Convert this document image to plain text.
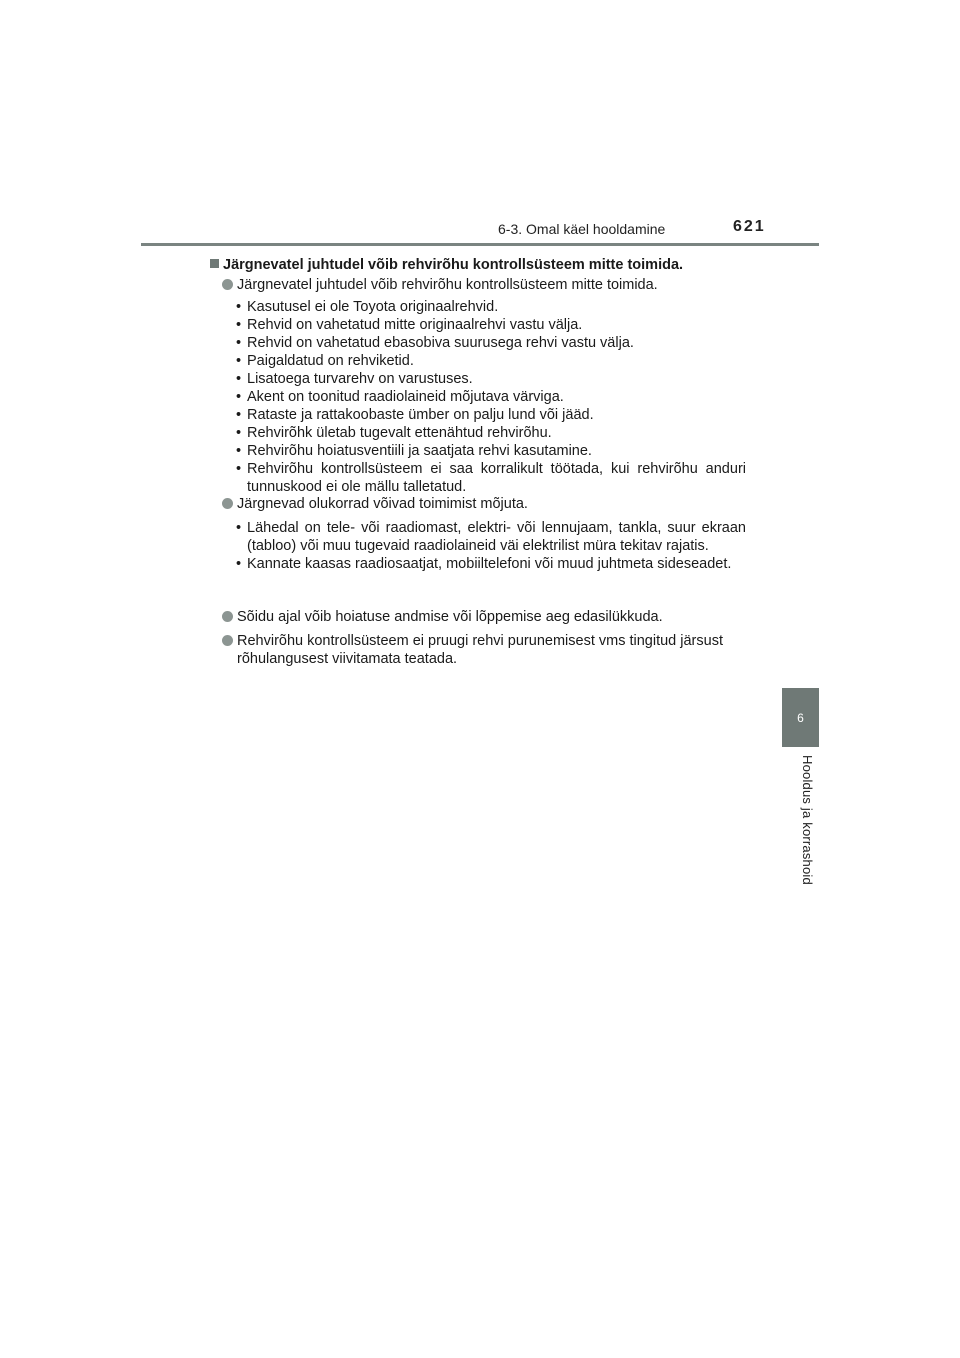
6-3. Omal käel hooldamine	621
6
Hooldus ja korrashoid
Järgnevatel juhtudel võib rehvirõhu kontrollsüsteem mitte toimida.
Järgnevatel juhtudel võib rehvirõhu kontrollsüsteem mitte toimida.
• Kasutusel ei ole Toyota originaalrehvid.
• Rehvid on vahetatud mitte originaalrehvi vastu välja.
• Rehvid on vahetatud ebasobiva suurusega rehvi vastu välja.
• Paigaldatud on rehviketid.
• Lisatoega turvarehv on varustuses.
• Akent on toonitud raadiolaineid mõjutava värviga.
• Rataste ja rattakoobaste ümber on palju lund või jääd.
• Rehvirõhk ületab tugevalt ettenähtud rehvirõhu.
• Rehvirõhu hoiatusventiili ja saatjata rehvi kasutamine.
• Rehvirõhu kontrollsüsteem ei saa korralikult töötada, kui rehvirõhu anduri tunnuskood ei ole mällu talletatud.
Järgnevad olukorrad võivad toimimist mõjuta.
• Lähedal on tele- või raadiomast, elektri- või lennujaam, tankla, suur ekraan (tabloo) või muu tugevaid raadiolaineid väi elektrilist müra tekitav rajatis.
• Kannate kaasas raadiosaatjat, mobiiltelefoni või muud juhtmeta sideseadet.
Sõidu ajal võib hoiatuse andmise või lõppemise aeg edasilükkuda.
Rehvirõhu kontrollsüsteem ei pruugi rehvi purunemisest vms tingitud järsust rõhulangusest viivitamata teatada.
